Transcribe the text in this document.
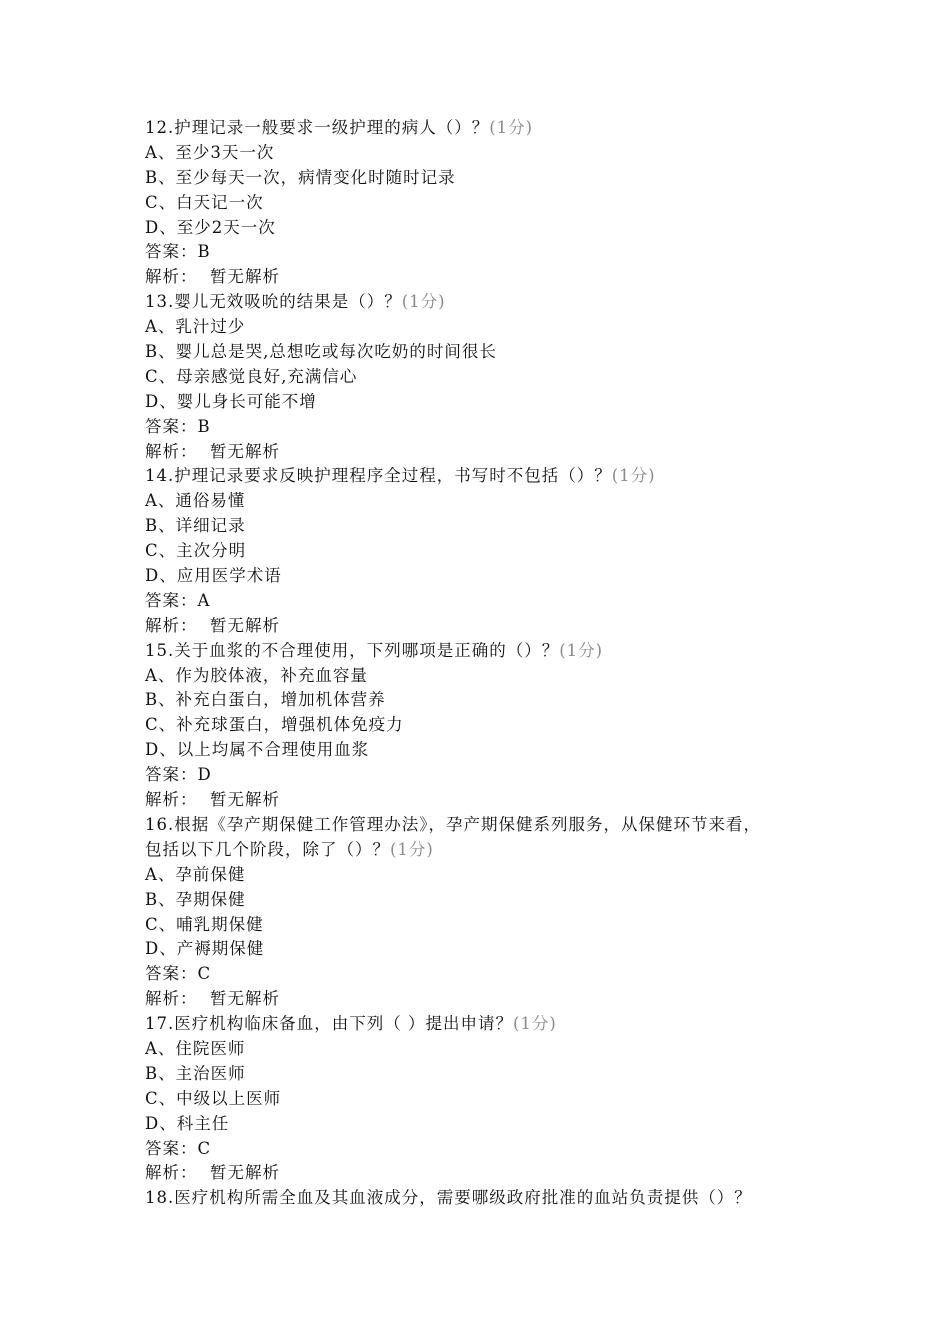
12.护理记录一般要求一级护理的病人（）？(1分)
A、至少3天一次
B、至少每天一次，病情变化时随时记录
C、白天记一次
D、至少2天一次
答案：B
解析：  暂无解析
13.婴儿无效吸吮的结果是（）？(1分)
A、乳汁过少
B、婴儿总是哭,总想吃或每次吃奶的时间很长
C、母亲感觉良好,充满信心
D、婴儿身长可能不增
答案：B
解析：  暂无解析
14.护理记录要求反映护理程序全过程，书写时不包括（）？(1分)
A、通俗易懂
B、详细记录
C、主次分明
D、应用医学术语
答案：A
解析：  暂无解析
15.关于血浆的不合理使用，下列哪项是正确的（）？(1分)
A、作为胶体液，补充血容量
B、补充白蛋白，增加机体营养
C、补充球蛋白，增强机体免疫力
D、以上均属不合理使用血浆
答案：D
解析：  暂无解析
16.根据《孕产期保健工作管理办法》，孕产期保健系列服务，从保健环节来看，
包括以下几个阶段，除了（）？(1分)
A、孕前保健
B、孕期保健
C、哺乳期保健
D、产褥期保健
答案：C
解析：  暂无解析
17.医疗机构临床备血，由下列（ ）提出申请？(1分)
A、住院医师
B、主治医师
C、中级以上医师
D、科主任
答案：C
解析：  暂无解析
18.医疗机构所需全血及其血液成分，需要哪级政府批准的血站负责提供（）？
